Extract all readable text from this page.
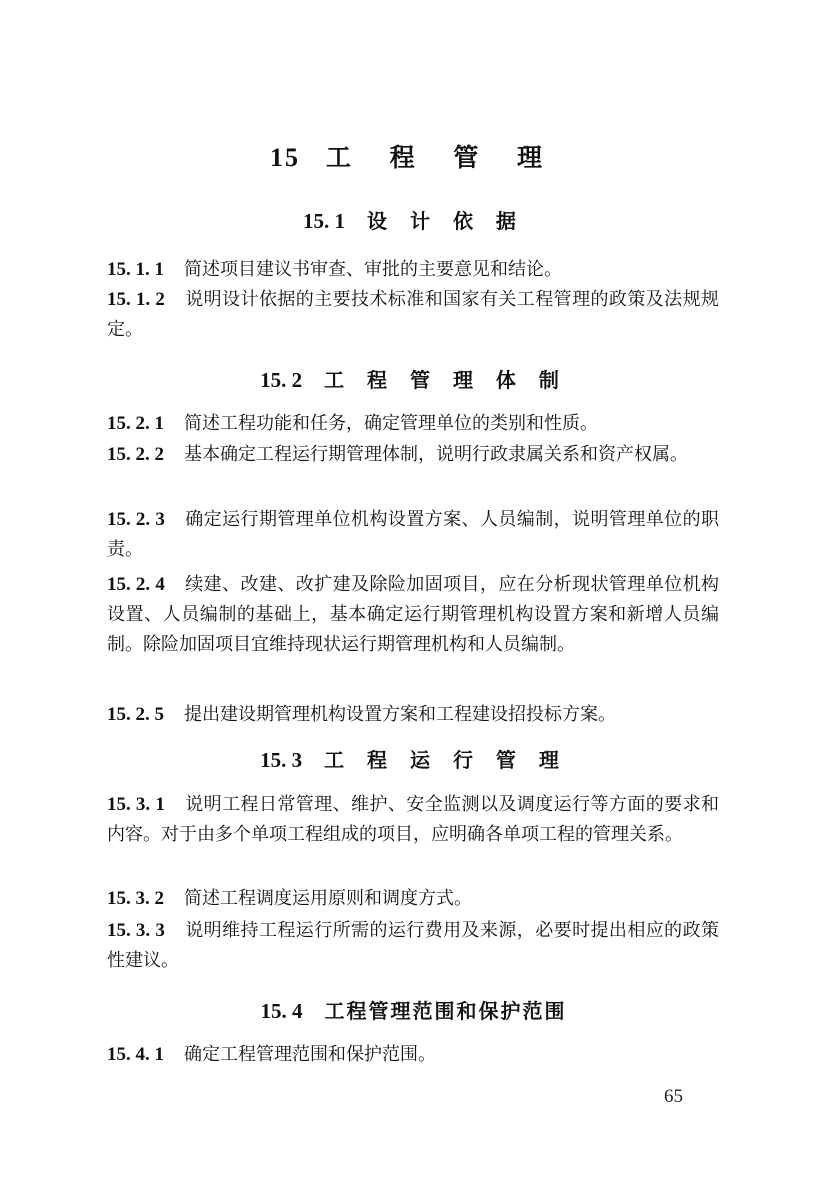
15 工 程 管 理
15. 1 设 计 依 据
15. 1. 1 简述项目建议书审查、审批的主要意见和结论。
15. 1. 2 说明设计依据的主要技术标准和国家有关工程管理的政策及法规规定。
15. 2 工 程 管 理 体 制
15. 2. 1 简述工程功能和任务，确定管理单位的类别和性质。
15. 2. 2 基本确定工程运行期管理体制，说明行政隶属关系和资产权属。
15. 2. 3 确定运行期管理单位机构设置方案、人员编制，说明管理单位的职责。
15. 2. 4 续建、改建、改扩建及除险加固项目，应在分析现状管理单位机构设置、人员编制的基础上，基本确定运行期管理机构设置方案和新增人员编制。除险加固项目宜维持现状运行期管理机构和人员编制。
15. 2. 5 提出建设期管理机构设置方案和工程建设招投标方案。
15. 3 工 程 运 行 管 理
15. 3. 1 说明工程日常管理、维护、安全监测以及调度运行等方面的要求和内容。对于由多个单项工程组成的项目，应明确各单项工程的管理关系。
15. 3. 2 简述工程调度运用原则和调度方式。
15. 3. 3 说明维持工程运行所需的运行费用及来源，必要时提出相应的政策性建议。
15. 4 工程管理范围和保护范围
15. 4. 1 确定工程管理范围和保护范围。
65
